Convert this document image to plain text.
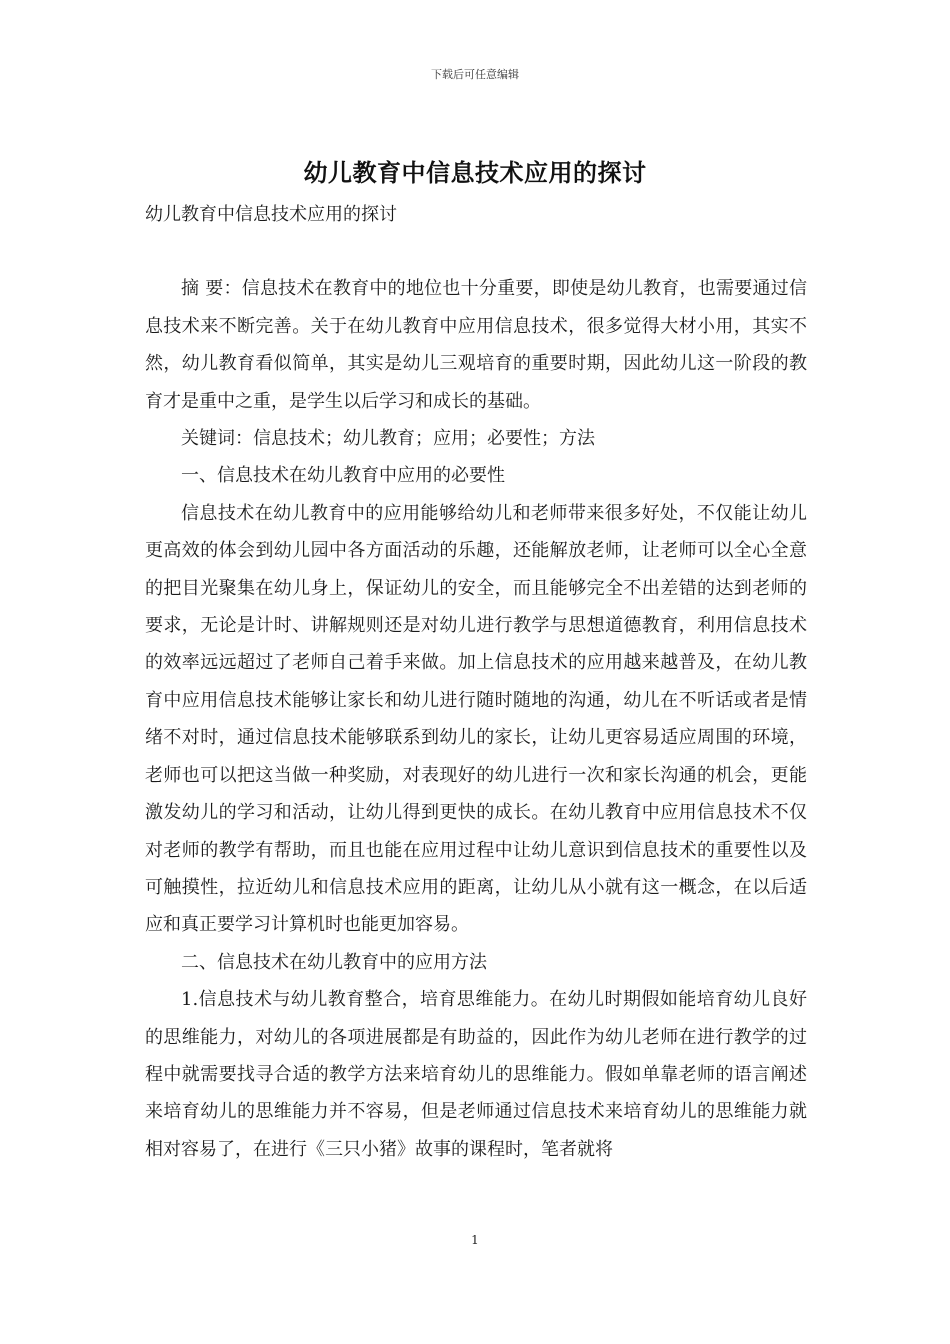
下载后可任意编辑
幼儿教育中信息技术应用的探讨

幼儿教育中信息技术应用的探讨

摘 要：信息技术在教育中的地位也十分重要，即使是幼儿教育，也需要通过信息技术来不断完善。关于在幼儿教育中应用信息技术，很多觉得大材小用，其实不然，幼儿教育看似简单，其实是幼儿三观培育的重要时期，因此幼儿这一阶段的教育才是重中之重，是学生以后学习和成长的基础。

关键词：信息技术；幼儿教育；应用；必要性；方法

一、信息技术在幼儿教育中应用的必要性

信息技术在幼儿教育中的应用能够给幼儿和老师带来很多好处，不仅能让幼儿更高效的体会到幼儿园中各方面活动的乐趣，还能解放老师，让老师可以全心全意的把目光聚集在幼儿身上，保证幼儿的安全，而且能够完全不出差错的达到老师的要求，无论是计时、讲解规则还是对幼儿进行教学与思想道德教育，利用信息技术的效率远远超过了老师自己着手来做。加上信息技术的应用越来越普及，在幼儿教育中应用信息技术能够让家长和幼儿进行随时随地的沟通，幼儿在不听话或者是情绪不对时，通过信息技术能够联系到幼儿的家长，让幼儿更容易适应周围的环境，老师也可以把这当做一种奖励，对表现好的幼儿进行一次和家长沟通的机会，更能激发幼儿的学习和活动，让幼儿得到更快的成长。在幼儿教育中应用信息技术不仅对老师的教学有帮助，而且也能在应用过程中让幼儿意识到信息技术的重要性以及可触摸性，拉近幼儿和信息技术应用的距离，让幼儿从小就有这一概念，在以后适应和真正要学习计算机时也能更加容易。

二、信息技术在幼儿教育中的应用方法

1.信息技术与幼儿教育整合，培育思维能力。在幼儿时期假如能培育幼儿良好的思维能力，对幼儿的各项进展都是有助益的，因此作为幼儿老师在进行教学的过程中就需要找寻合适的教学方法来培育幼儿的思维能力。假如单靠老师的语言阐述来培育幼儿的思维能力并不容易，但是老师通过信息技术来培育幼儿的思维能力就相对容易了，在进行《三只小猪》故事的课程时，笔者就将

1
